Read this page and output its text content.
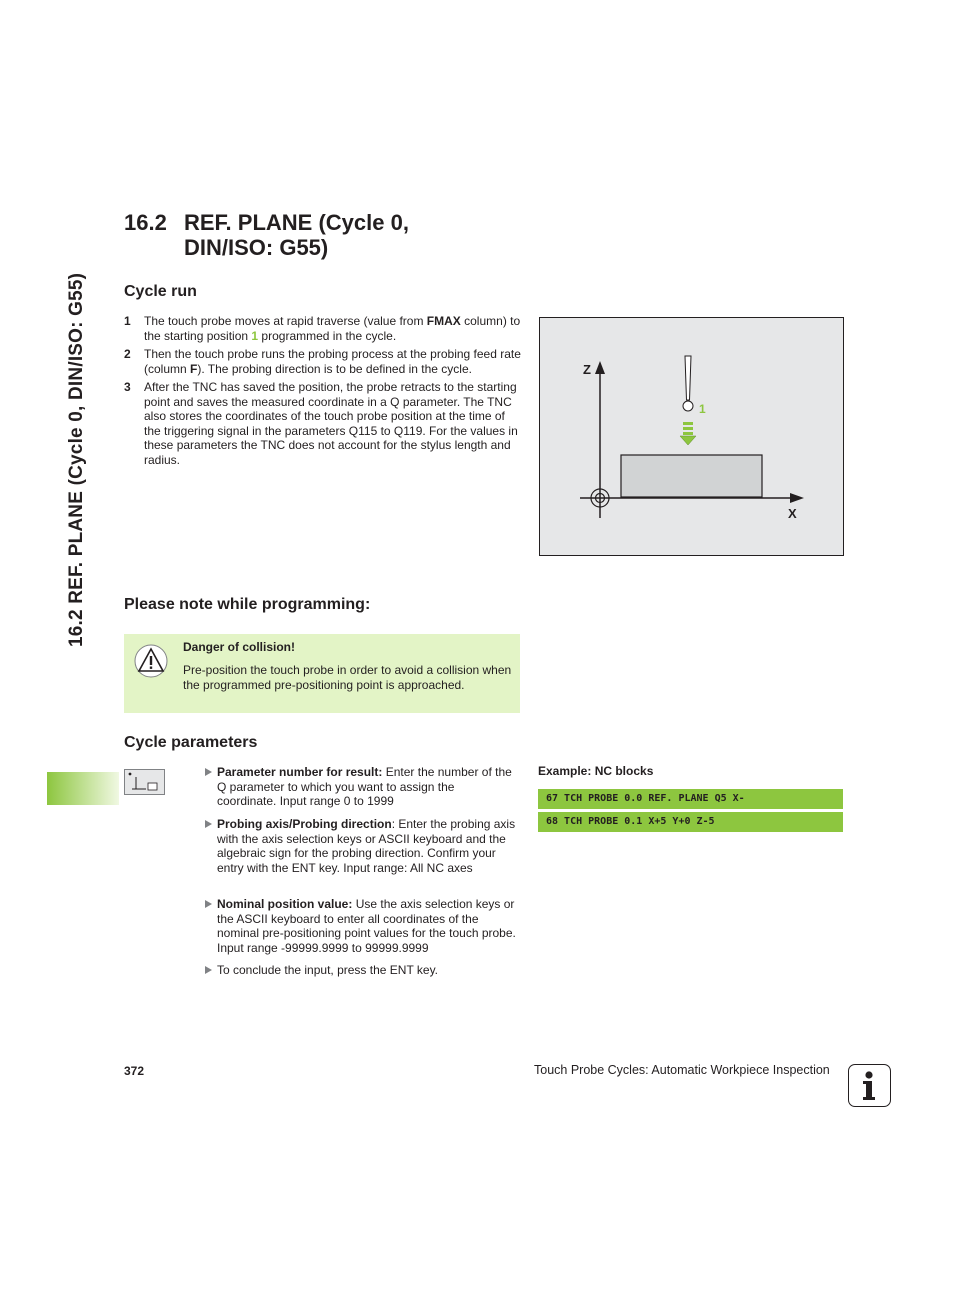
16.2 REF. PLANE (Cycle 0, DIN/ISO: G55)
16.2 REF. PLANE (Cycle 0,
DIN/ISO: G55)
Cycle run
1	The touch probe moves at rapid traverse (value from FMAX column) to the starting position 1 programmed in the cycle.
2	Then the touch probe runs the probing process at the probing feed rate (column F). The probing direction is to be defined in the cycle.
3	After the TNC has saved the position, the probe retracts to the starting point and saves the measured coordinate in a Q parameter. The TNC also stores the coordinates of the touch probe position at the time of the triggering signal in the parameters Q115 to Q119. For the values in these parameters the TNC does not account for the stylus length and radius.
Z
X
1
Please note while programming:
Danger of collision!
Pre-position the touch probe in order to avoid a collision when the programmed pre-positioning point is approached.
Cycle parameters
Parameter number for result: Enter the number of the Q parameter to which you want to assign the coordinate. Input range 0 to 1999
Probing axis/Probing direction: Enter the probing axis with the axis selection keys or ASCII keyboard and the algebraic sign for the probing direction. Confirm your entry with the ENT key. Input range: All NC axes
Nominal position value: Use the axis selection keys or the ASCII keyboard to enter all coordinates of the nominal pre-positioning point values for the touch probe. Input range -99999.9999 to 99999.9999
To conclude the input, press the ENT key.
Example: NC blocks
67 TCH PROBE 0.0 REF. PLANE Q5 X-
68 TCH PROBE 0.1 X+5 Y+0 Z-5
372	Touch Probe Cycles: Automatic Workpiece Inspection
